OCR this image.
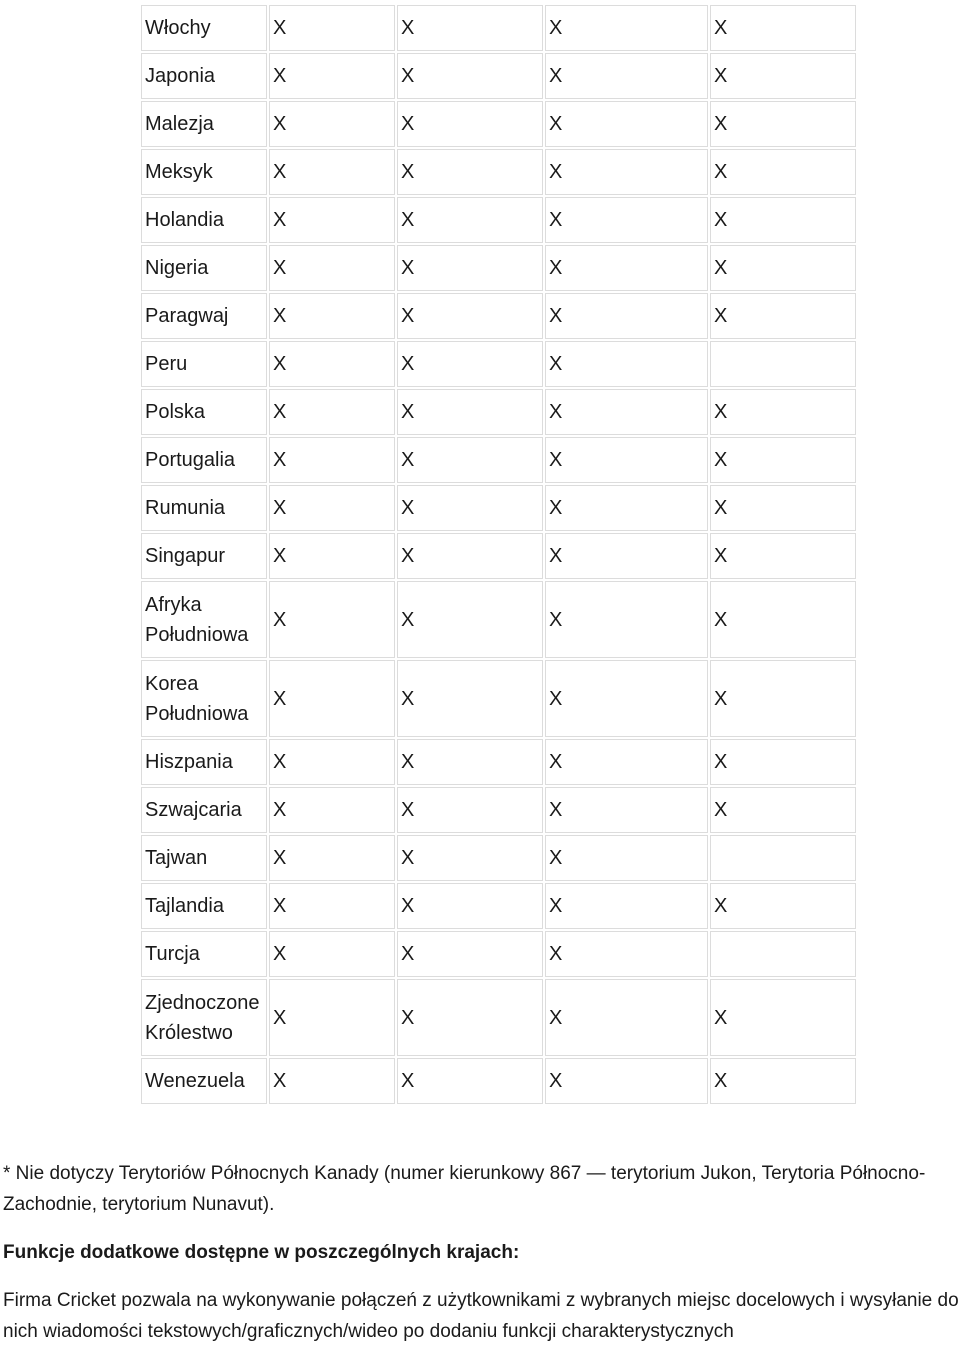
Włochy	X	X	X	X
Japonia	X	X	X	X
Malezja	X	X	X	X
Meksyk	X	X	X	X
Holandia	X	X	X	X
Nigeria	X	X	X	X
Paragwaj	X	X	X	X
Peru	X	X	X	
Polska	X	X	X	X
Portugalia	X	X	X	X
Rumunia	X	X	X	X
Singapur	X	X	X	X
Afryka Południowa	X	X	X	X
Korea Południowa	X	X	X	X
Hiszpania	X	X	X	X
Szwajcaria	X	X	X	X
Tajwan	X	X	X	
Tajlandia	X	X	X	X
Turcja	X	X	X	
Zjednoczone Królestwo	X	X	X	X
Wenezuela	X	X	X	X
* Nie dotyczy Terytoriów Północnych Kanady (numer kierunkowy 867 — terytorium Jukon, Terytoria Północno-Zachodnie, terytorium Nunavut).
Funkcje dodatkowe dostępne w poszczególnych krajach:
Firma Cricket pozwala na wykonywanie połączeń z użytkownikami z wybranych miejsc docelowych i wysyłanie do nich wiadomości tekstowych/graficznych/wideo po dodaniu funkcji charakterystycznych
